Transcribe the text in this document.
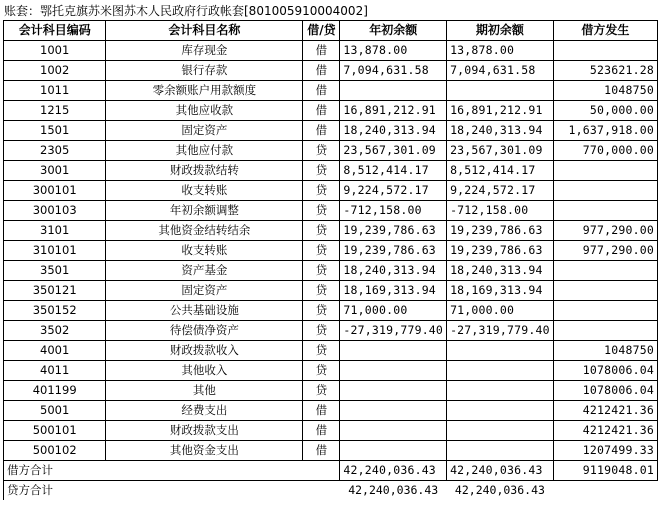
账套：鄂托克旗苏米图苏木人民政府行政帐套[801005910004002]
会计科目编码	会计科目名称	借/贷	年初余额	期初余额	借方发生
1001	库存现金	借	13,878.00	13,878.00	
1002	银行存款	借	7,094,631.58	7,094,631.58	523621.28
1011	零余额账户用款额度	借			1048750
1215	其他应收款	借	16,891,212.91	16,891,212.91	50,000.00
1501	固定资产	借	18,240,313.94	18,240,313.94	1,637,918.00
2305	其他应付款	贷	23,567,301.09	23,567,301.09	770,000.00
3001	财政拨款结转	贷	8,512,414.17	8,512,414.17	
300101	收支转账	贷	9,224,572.17	9,224,572.17	
300103	年初余额调整	贷	-712,158.00	-712,158.00	
3101	其他资金结转结余	贷	19,239,786.63	19,239,786.63	977,290.00
310101	收支转账	贷	19,239,786.63	19,239,786.63	977,290.00
3501	资产基金	贷	18,240,313.94	18,240,313.94	
350121	固定资产	贷	18,169,313.94	18,169,313.94	
350152	公共基础设施	贷	71,000.00	71,000.00	
3502	待偿债净资产	贷	-27,319,779.40	-27,319,779.40	
4001	财政拨款收入	贷			1048750
4011	其他收入	贷			1078006.04
401199	其他	贷			1078006.04
5001	经费支出	借			4212421.36
500101	财政拨款支出	借			4212421.36
500102	其他资金支出	借			1207499.33
借方合计			42,240,036.43	42,240,036.43	9119048.01
贷方合计			42,240,036.43	42,240,036.43	
